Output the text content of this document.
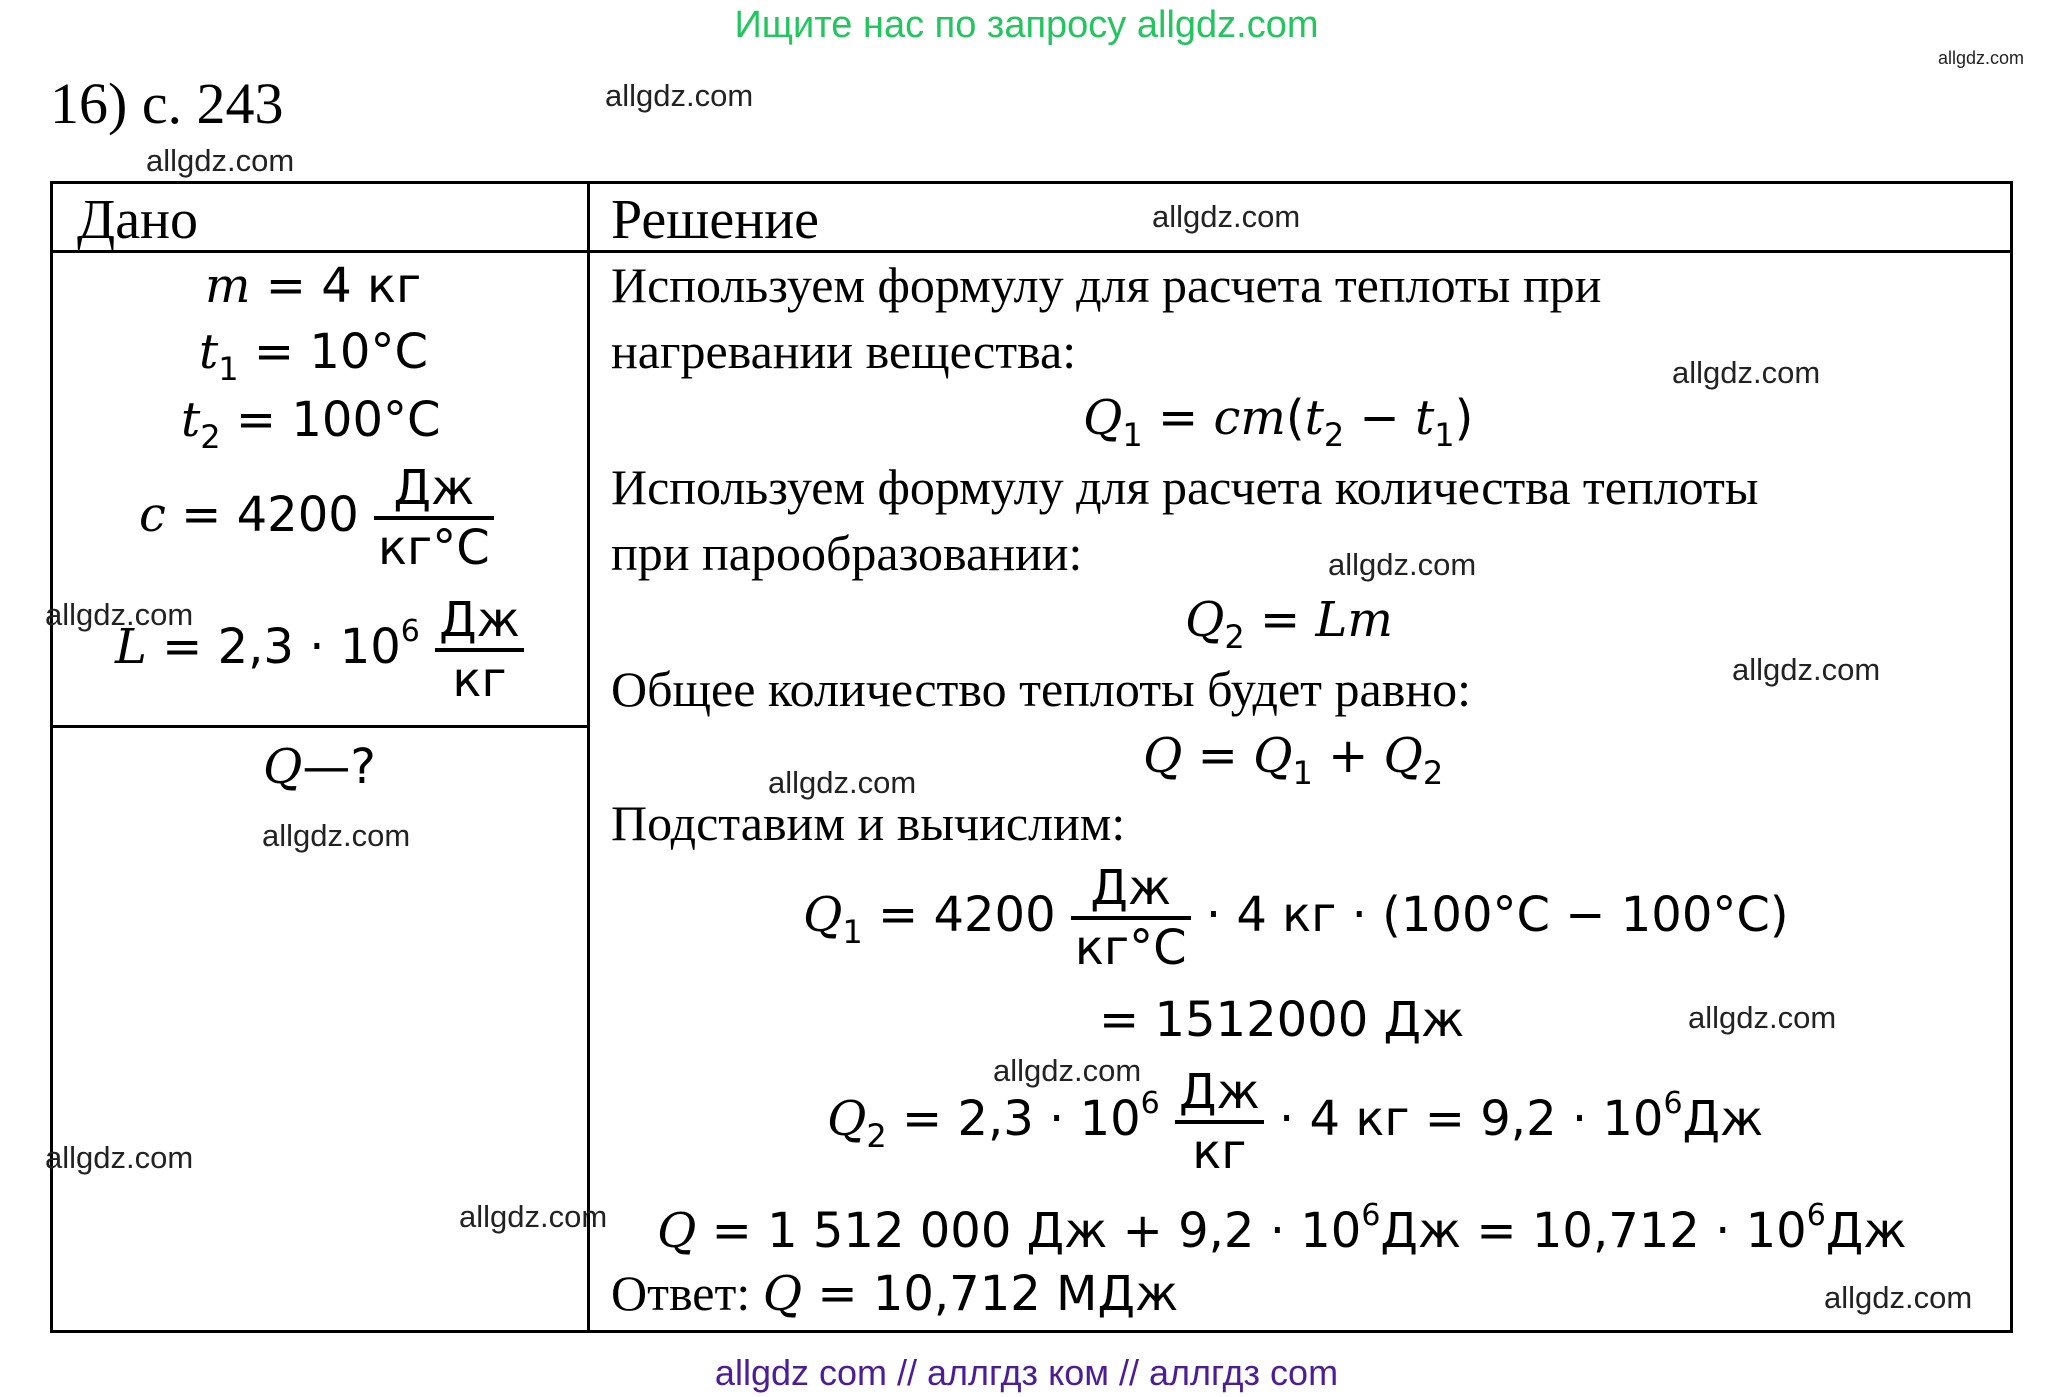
Ищите нас по запросу allgdz.com
allgdz.com
16) с. 243	allgdz.com
allgdz.com
Дано	Решение
m = 4 кг
$t_1 = 10^\circ C$
$t_2 = 100^\circ C$
$c = 4200 \frac{Дж}{кг^\circ C}$
$L = 2,3 \cdot 10^6 \frac{Дж}{кг}$
Q—?
Используем формулу для расчета теплоты при
нагревании вещества:
$Q_1 = cm(t_2 - t_1)$
Используем формулу для расчета количества теплоты
при парообразовании:
$Q_2 = Lm$
Общее количество теплоты будет равно:
$Q = Q_1 + Q_2$
Подставим и вычислим:
$Q_1 = 4200 \frac{Дж}{кг^\circ C} \cdot 4$ кг · (100°C − 100°C)
= 1512000 Дж
$Q_2 = 2,3 \cdot 10^6 \frac{Дж}{кг} \cdot 4$ кг = $9,2 \cdot 10^6Дж$
Q = 1 512 000 Дж + $9,2 \cdot 10^6Дж = 10,712 \cdot 10^6Дж$
Ответ: Q = 10,712 МДж
allgdz.com
allgdz.com
allgdz.com
allgdz.com
allgdz.com
allgdz.com
allgdz.com
allgdz.com
allgdz.com
allgdz.com
allgdz.com
allgdz.com
allgdz com // аллгдз ком // аллгдз com
